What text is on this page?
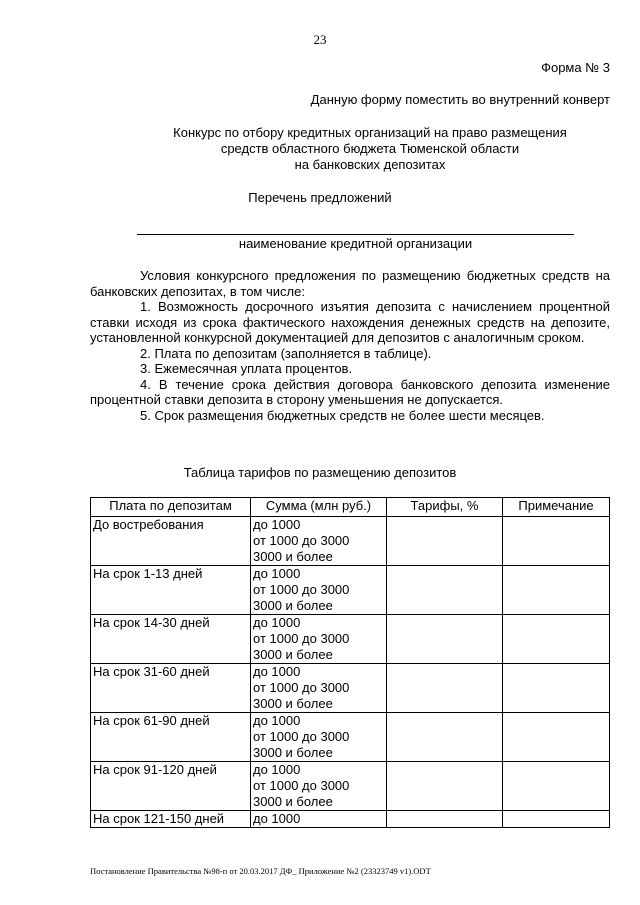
23
Форма № 3
Данную форму поместить во внутренний конверт
Конкурс по отбору кредитных организаций на право размещения
средств областного бюджета Тюменской области
на банковских депозитах
Перечень предложений
наименование кредитной организации

Условия конкурсного предложения по размещению бюджетных средств на банковских депозитах, в том числе:

1. Возможность досрочного изъятия депозита с начислением процентной ставки исходя из срока фактического нахождения денежных средств на депозите, установленной конкурсной документацией для депозитов с аналогичным сроком.

2. Плата по депозитам (заполняется в таблице).

3. Ежемесячная уплата процентов.

4. В течение срока действия договора банковского депозита изменение процентной ставки депозита в сторону уменьшения не допускается.

5. Срок размещения бюджетных средств не более шести месяцев.

Таблица тарифов по размещению депозитов
Плата по депозитам	Сумма (млн руб.)	Тарифы, %	Примечание
До востребования	до 1000
от 1000 до 3000
3000 и более		

На срок 1-13 дней	до 1000
от 1000 до 3000
3000 и более		

На срок 14-30 дней	до 1000
от 1000 до 3000
3000 и более		

На срок 31-60 дней	до 1000
от 1000 до 3000
3000 и более		

На срок 61-90 дней	до 1000
от 1000 до 3000
3000 и более		

На срок 91-120 дней	до 1000
от 1000 до 3000
3000 и более		

На срок 121-150 дней	до 1000		

Постановление Правительства №98-п от 20.03.2017 ДФ_ Приложение №2 (23323749 v1).ODT
